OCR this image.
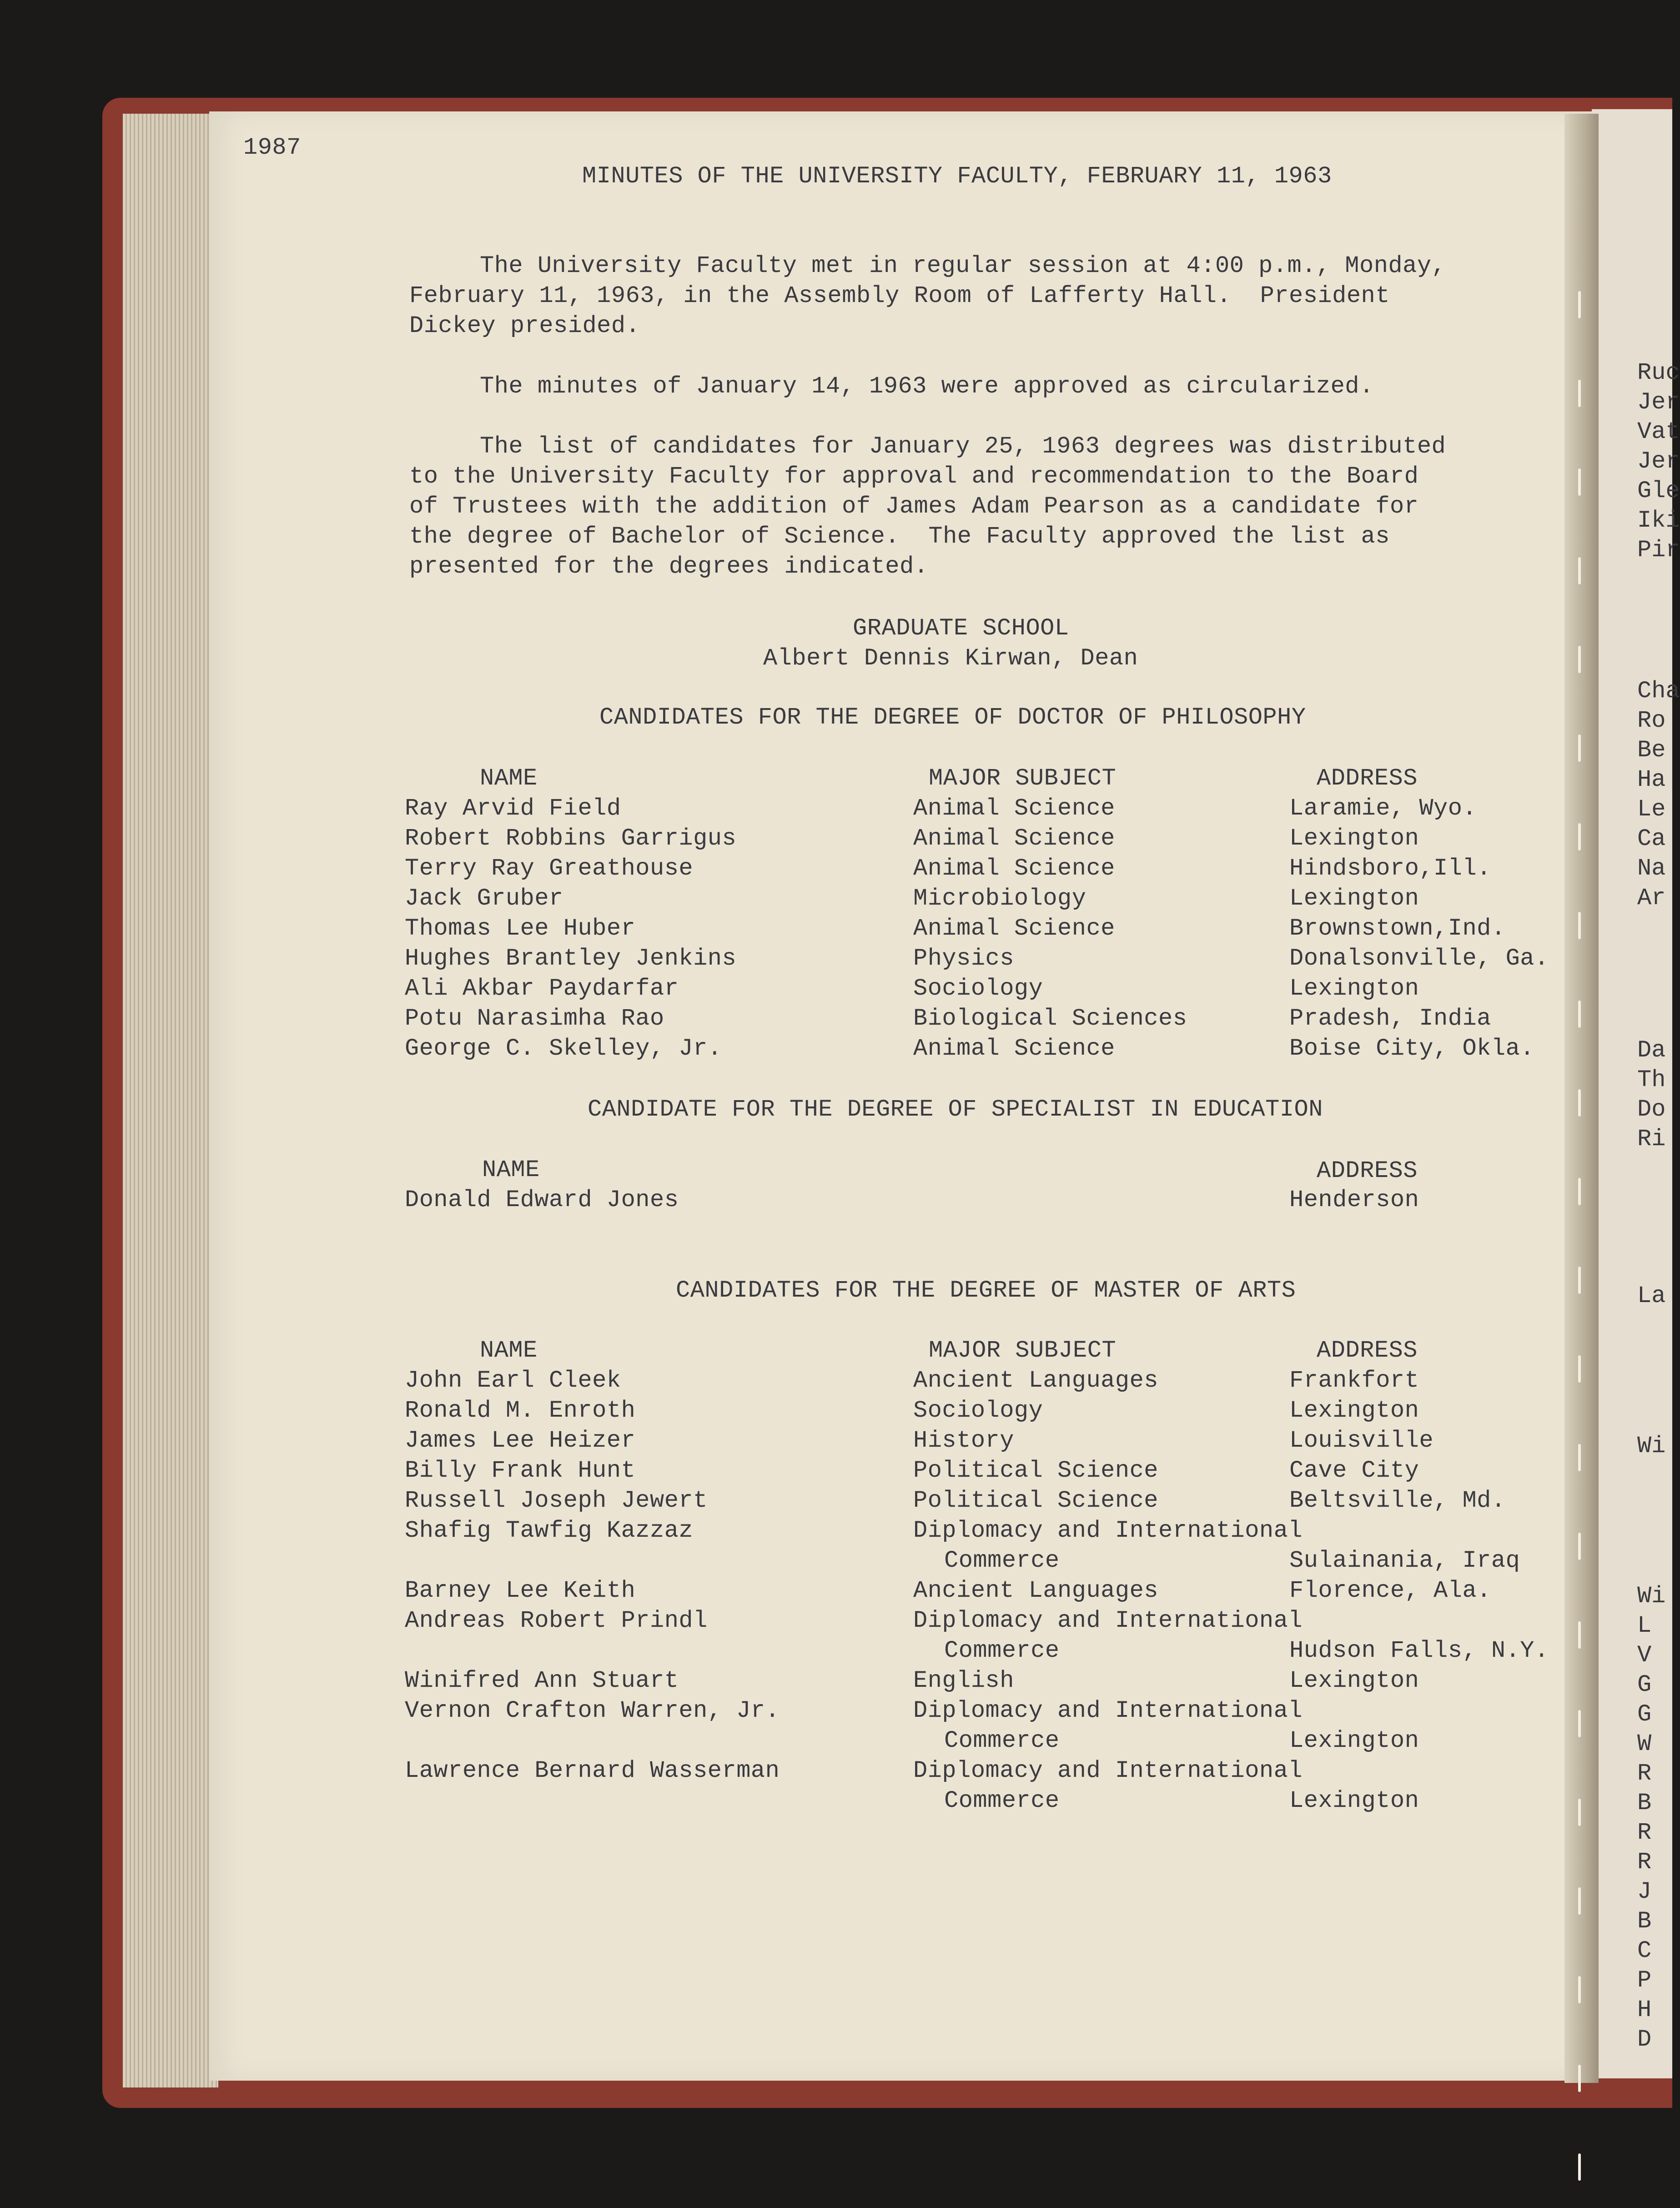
1987
MINUTES OF THE UNIVERSITY FACULTY, FEBRUARY 11, 1963
The University Faculty met in regular session at 4:00 p.m., Monday,
February 11, 1963, in the Assembly Room of Lafferty Hall.  President
Dickey presided.
The minutes of January 14, 1963 were approved as circularized.
The list of candidates for January 25, 1963 degrees was distributed
to the University Faculty for approval and recommendation to the Board
of Trustees with the addition of James Adam Pearson as a candidate for
the degree of Bachelor of Science.  The Faculty approved the list as
presented for the degrees indicated.
GRADUATE SCHOOL
Albert Dennis Kirwan, Dean
CANDIDATES FOR THE DEGREE OF DOCTOR OF PHILOSOPHY
NAME	MAJOR SUBJECT	ADDRESS
Ray Arvid Field	Animal Science	Laramie, Wyo.
Robert Robbins Garrigus	Animal Science	Lexington
Terry Ray Greathouse	Animal Science	Hindsboro,Ill.
Jack Gruber	Microbiology	Lexington
Thomas Lee Huber	Animal Science	Brownstown,Ind.
Hughes Brantley Jenkins	Physics	Donalsonville, Ga.
Ali Akbar Paydarfar	Sociology	Lexington
Potu Narasimha Rao	Biological Sciences	Pradesh, India
George C. Skelley, Jr.	Animal Science	Boise City, Okla.
CANDIDATE FOR THE DEGREE OF SPECIALIST IN EDUCATION
NAME	ADDRESS
Donald Edward Jones	Henderson
CANDIDATES FOR THE DEGREE OF MASTER OF ARTS
NAME	MAJOR SUBJECT	ADDRESS
John Earl Cleek	Ancient Languages	Frankfort
Ronald M. Enroth	Sociology	Lexington
James Lee Heizer	History	Louisville
Billy Frank Hunt	Political Science	Cave City
Russell Joseph Jewert	Political Science	Beltsville, Md.
Shafig Tawfig Kazzaz	Diplomacy and International
Commerce	Sulainania, Iraq
Barney Lee Keith	Ancient Languages	Florence, Ala.
Andreas Robert Prindl	Diplomacy and International
Commerce	Hudson Falls, N.Y.
Winifred Ann Stuart	English	Lexington
Vernon Crafton Warren, Jr.	Diplomacy and International
Commerce	Lexington
Lawrence Bernard Wasserman	Diplomacy and International
Commerce	Lexington
Ruc
Jer
Vat
Jer
Gle
Iki
Pir
Cha
Ro
Be
Ha
Le
Ca
Na
Ar
Da
Th
Do
Ri
La
Wi
Wi
L
V
G
G
W
R
B
R
R
J
B
C
P
H
D
